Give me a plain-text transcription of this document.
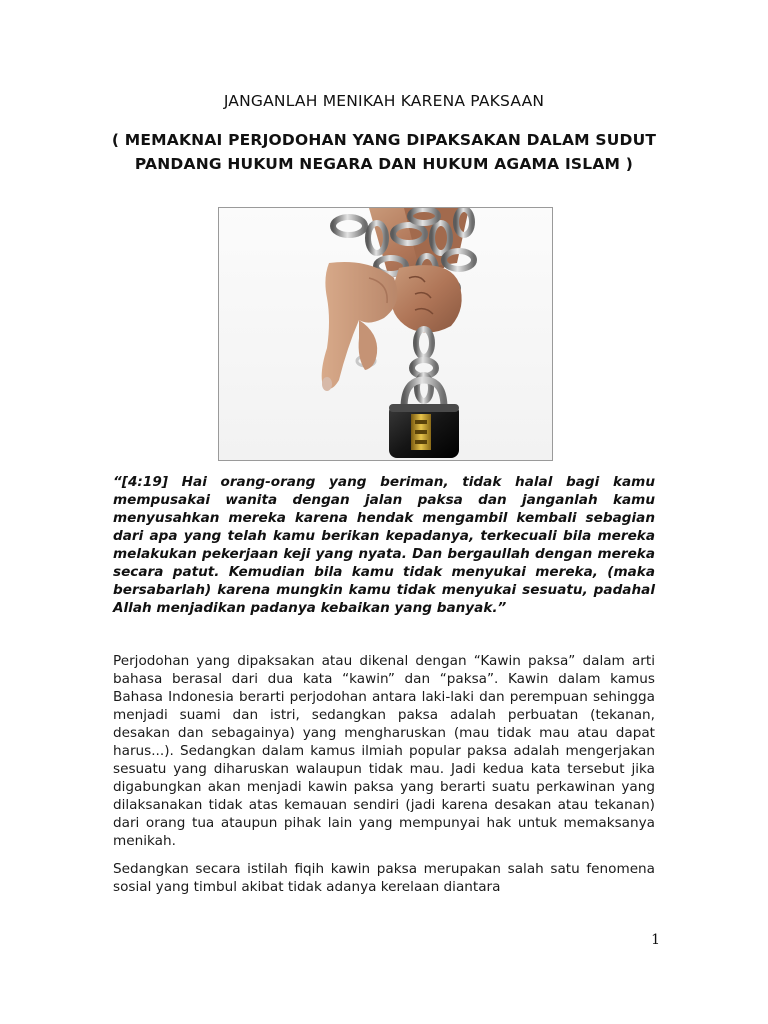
JANGANLAH MENIKAH KARENA PAKSAAN
( MEMAKNAI PERJODOHAN YANG DIPAKSAKAN DALAM SUDUT PANDANG HUKUM NEGARA DAN HUKUM AGAMA ISLAM )

“[4:19] Hai orang-orang yang beriman, tidak halal bagi kamu mempusakai wanita dengan jalan paksa dan janganlah kamu menyusahkan mereka karena hendak mengambil kembali sebagian dari apa yang telah kamu berikan kepadanya, terkecuali bila mereka melakukan pekerjaan keji yang nyata. Dan bergaullah dengan mereka secara patut. Kemudian bila kamu tidak menyukai mereka, (maka bersabarlah) karena mungkin kamu tidak menyukai sesuatu, padahal Allah menjadikan padanya kebaikan yang banyak.”

Perjodohan yang dipaksakan atau dikenal dengan “Kawin paksa” dalam arti bahasa berasal dari dua kata “kawin” dan “paksa”. Kawin dalam kamus Bahasa Indonesia berarti perjodohan antara laki-laki dan perempuan sehingga menjadi suami dan istri, sedangkan paksa adalah perbuatan (tekanan, desakan dan sebagainya) yang mengharuskan (mau tidak mau atau dapat harus...). Sedangkan dalam kamus ilmiah popular paksa adalah mengerjakan sesuatu yang diharuskan walaupun tidak mau. Jadi kedua kata tersebut jika digabungkan akan menjadi kawin paksa yang berarti suatu perkawinan yang dilaksanakan tidak atas kemauan sendiri (jadi karena desakan atau tekanan) dari orang tua ataupun pihak lain yang mempunyai hak untuk memaksanya menikah.

Sedangkan secara istilah fiqih kawin paksa merupakan salah satu fenomena sosial yang timbul akibat tidak adanya kerelaan diantara

1
